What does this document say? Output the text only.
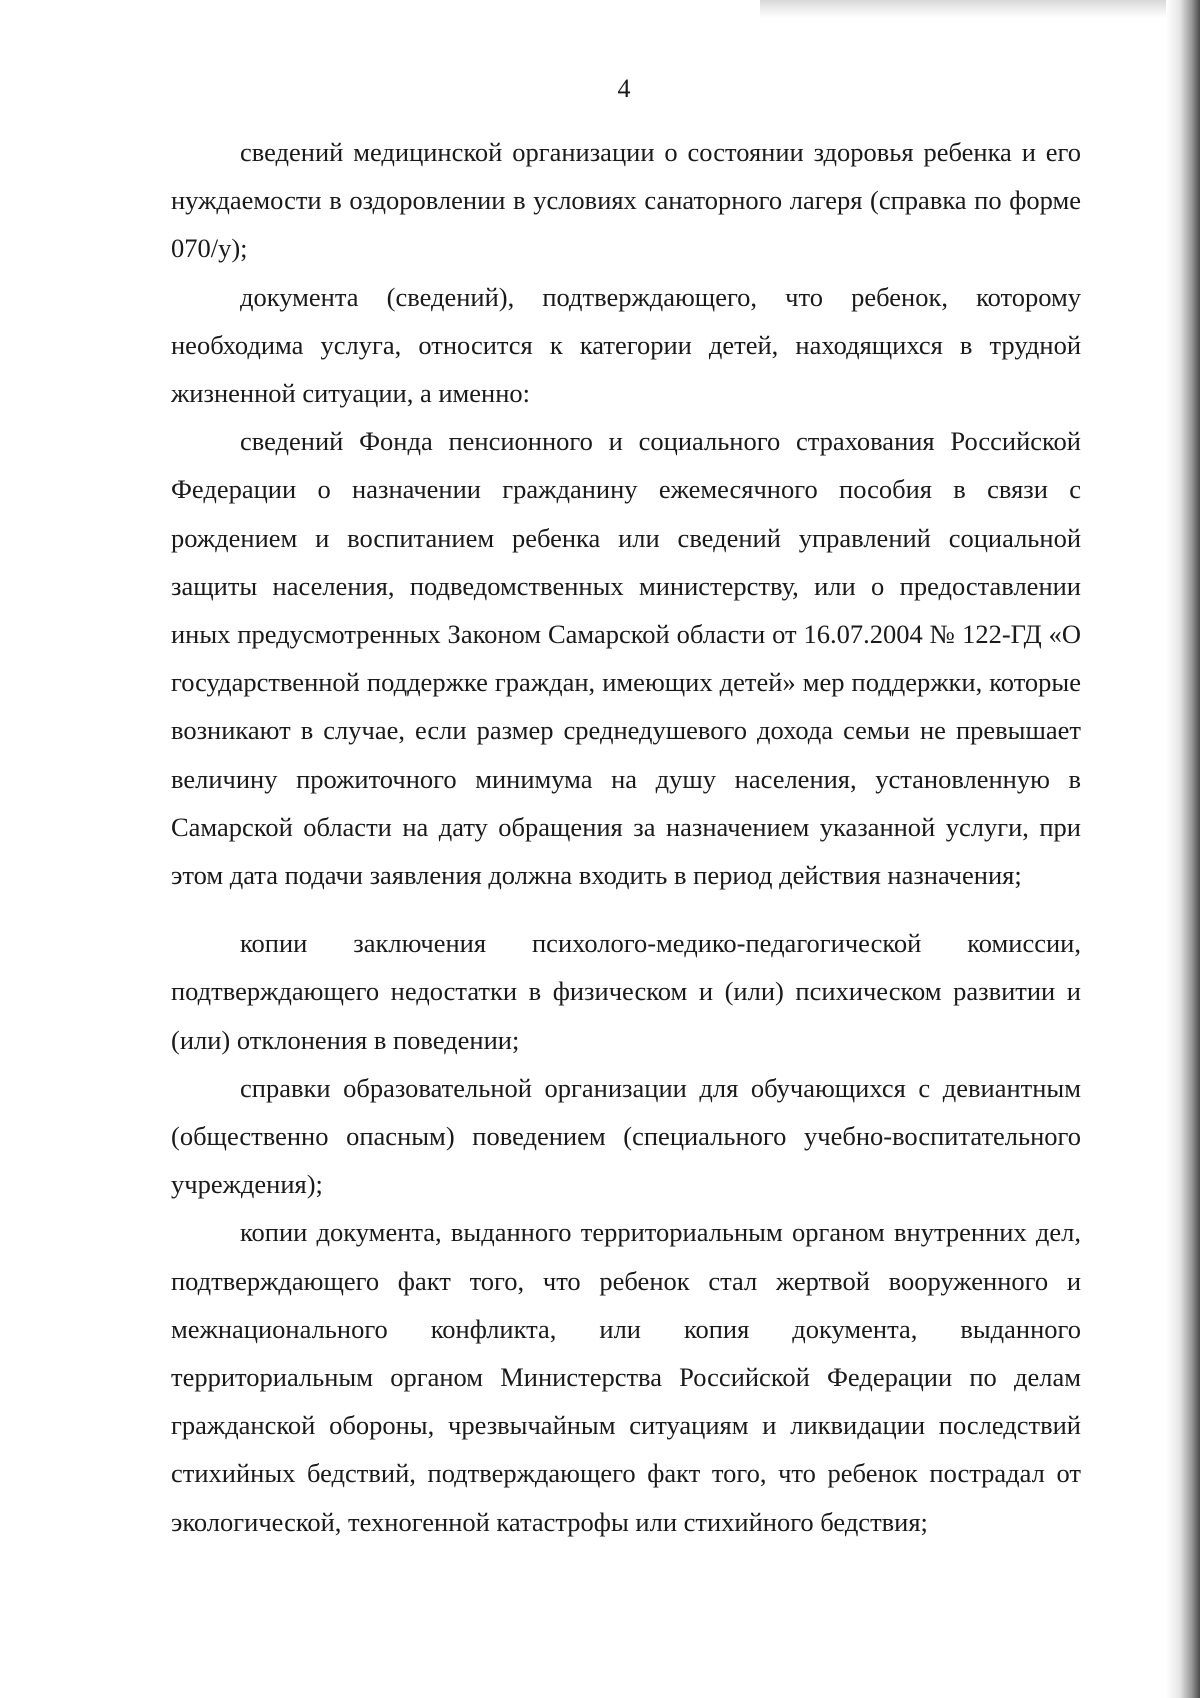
4

сведений медицинской организации о состоянии здоровья ребенка и его нуждаемости в оздоровлении в условиях санаторного лагеря (справка по форме 070/у);

документа (сведений), подтверждающего, что ребенок, которому необходима услуга, относится к категории детей, находящихся в трудной жизненной ситуации, а именно:

сведений Фонда пенсионного и социального страхования Российской Федерации о назначении гражданину ежемесячного пособия в связи с рождением и воспитанием ребенка или сведений управлений социальной защиты населения, подведомственных министерству, или о предоставлении иных предусмотренных Законом Самарской области от 16.07.2004 № 122-ГД «О государственной поддержке граждан, имеющих детей» мер поддержки, которые возникают в случае, если размер среднедушевого дохода семьи не превышает величину прожиточного минимума на душу населения, установленную в Самарской области на дату обращения за назначением указанной услуги, при этом дата подачи заявления должна входить в период действия назначения;

копии заключения психолого-медико-педагогической комиссии, подтверждающего недостатки в физическом и (или) психическом развитии и (или) отклонения в поведении;

справки образовательной организации для обучающихся с девиантным (общественно опасным) поведением (специального учебно-воспитательного учреждения);

копии документа, выданного территориальным органом внутренних дел, подтверждающего факт того, что ребенок стал жертвой вооруженного и межнационального конфликта, или копия документа, выданного территориальным органом Министерства Российской Федерации по делам гражданской обороны, чрезвычайным ситуациям и ликвидации последствий стихийных бедствий, подтверждающего факт того, что ребенок пострадал от экологической, техногенной катастрофы или стихийного бедствия;
